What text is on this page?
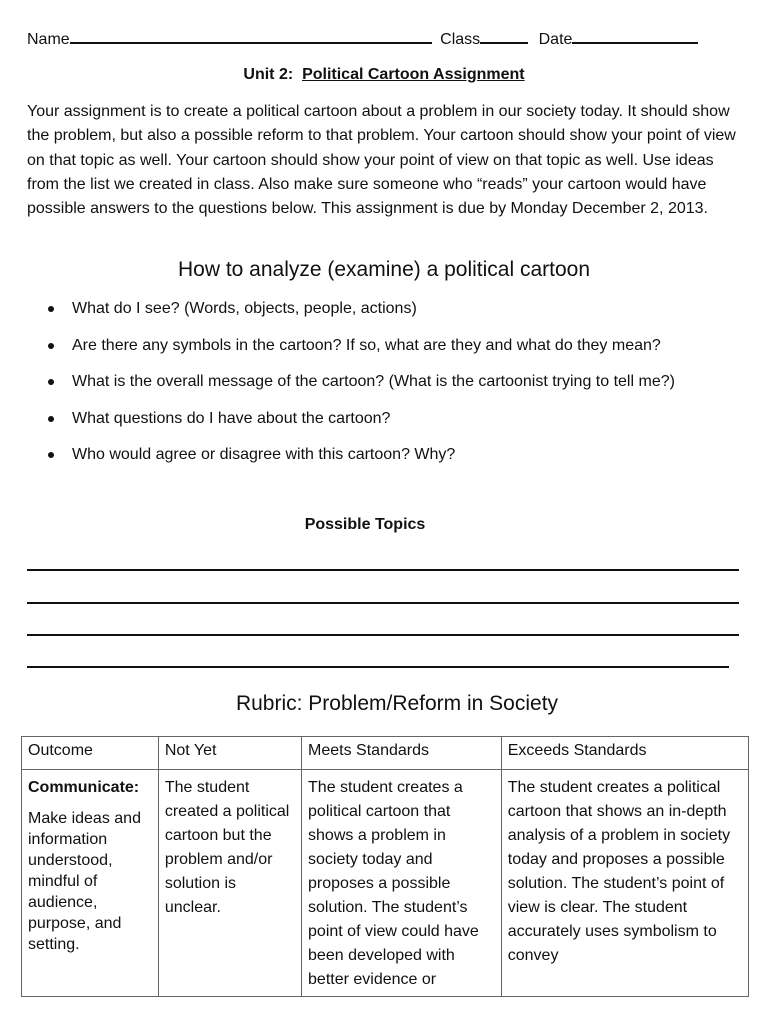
Name	Class	Date
Unit 2: Political Cartoon Assignment

Your assignment is to create a political cartoon about a problem in our society today. It should show the problem, but also a possible reform to that problem. Your cartoon should show your point of view on that topic as well. Your cartoon should show your point of view on that topic as well. Use ideas from the list we created in class. Also make sure someone who “reads” your cartoon would have possible answers to the questions below. This assignment is due by Monday December 2, 2013.

How to analyze (examine) a political cartoon
What do I see? (Words, objects, people, actions)
Are there any symbols in the cartoon? If so, what are they and what do they mean?
What is the overall message of the cartoon? (What is the cartoonist trying to tell me?)
What questions do I have about the cartoon?
Who would agree or disagree with this cartoon? Why?
Possible Topics
Rubric: Problem/Reform in Society
Outcome	Not Yet	Meets Standards	Exceeds Standards

Communicate:
Make ideas and information understood, mindful of audience, purpose, and setting.	The student created a political cartoon but the problem and/or solution is unclear.	The student creates a political cartoon that shows a problem in society today and proposes a possible solution. The student’s point of view could have been developed with better evidence or	The student creates a political cartoon that shows an in-depth analysis of a problem in society today and proposes a possible solution. The student’s point of view is clear. The student accurately uses symbolism to convey
